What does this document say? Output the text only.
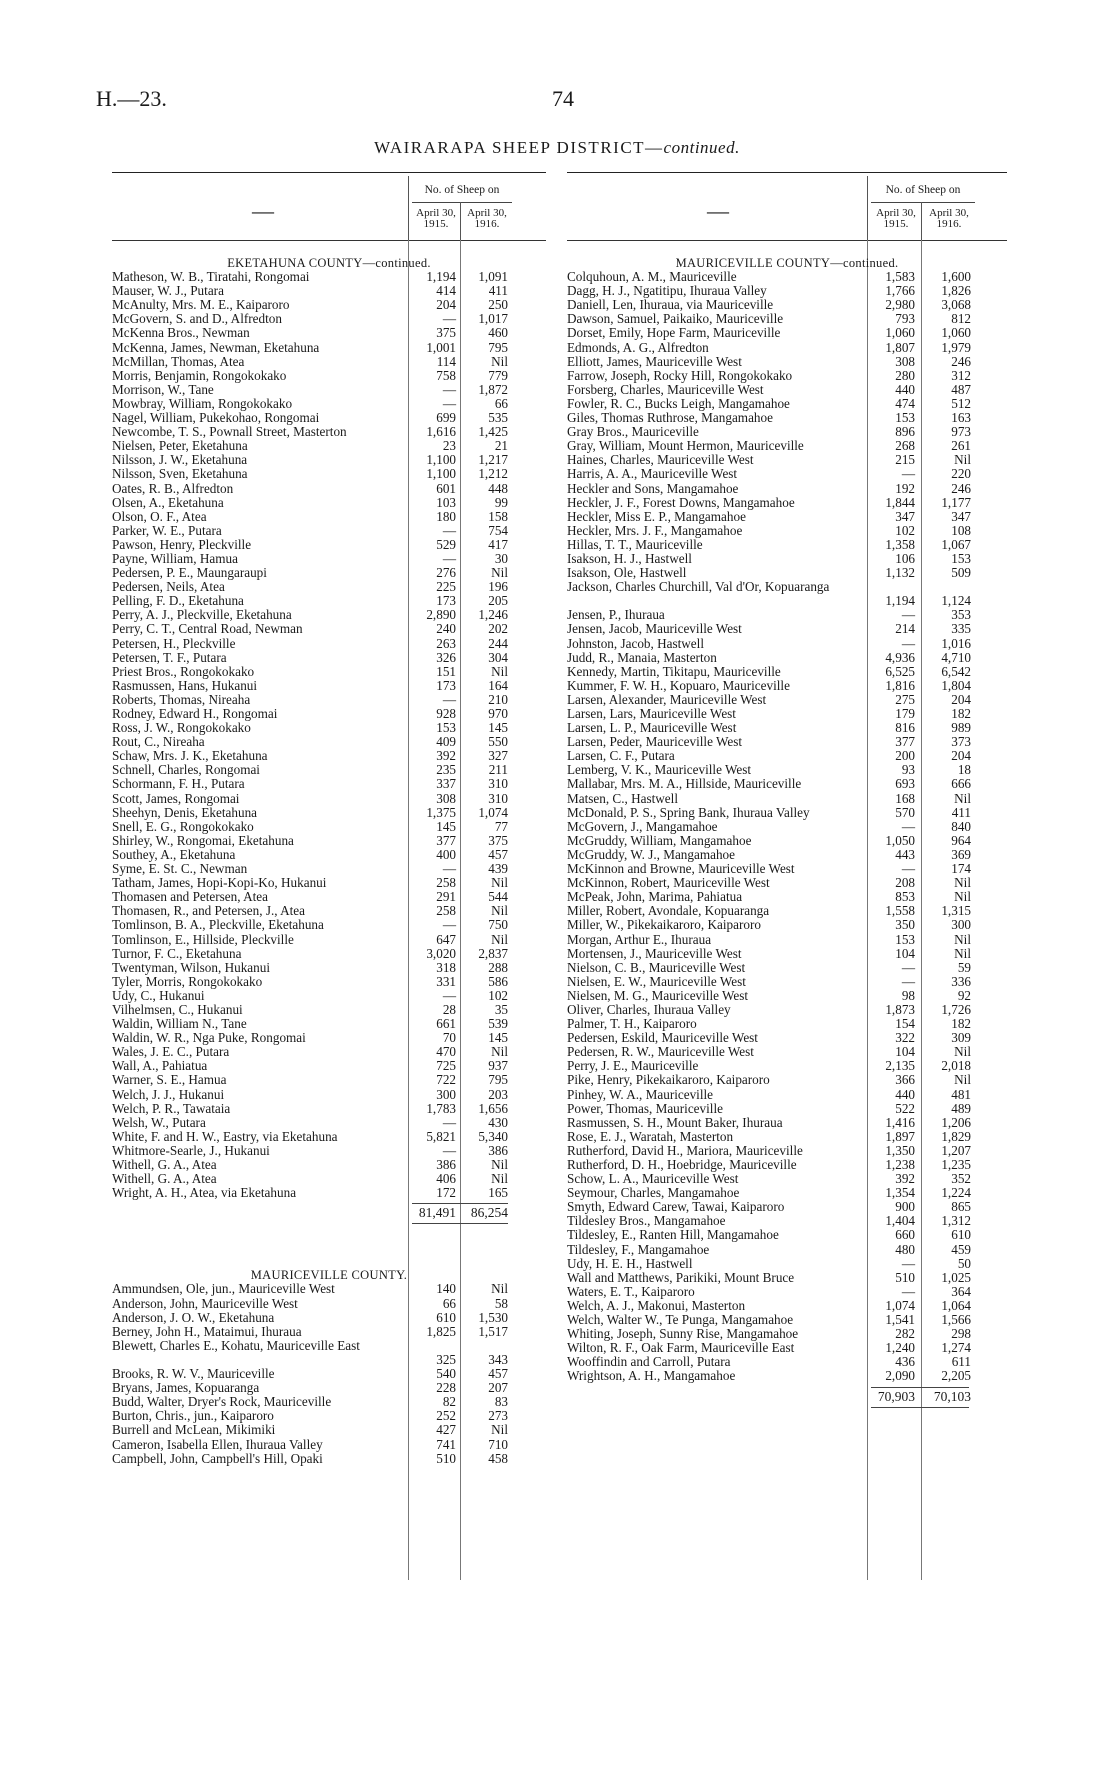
H.—23.	74
WAIRARAPA SHEEP DISTRICT—continued.
—
No. of Sheep on
April 30, 1915.
April 30, 1916.
EKETAHUNA COUNTY—continued.
Matheson, W. B., Tiratahi, Rongomai	1,194	1,091
Mauser, W. J., Putara	414	411
McAnulty, Mrs. M. E., Kaiparoro	204	250
McGovern, S. and D., Alfredton	—	1,017
McKenna Bros., Newman	375	460
McKenna, James, Newman, Eketahuna	1,001	795
McMillan, Thomas, Atea	114	Nil
Morris, Benjamin, Rongokokako	758	779
Morrison, W., Tane	—	1,872
Mowbray, William, Rongokokako	—	66
Nagel, William, Pukekohao, Rongomai	699	535
Newcombe, T. S., Pownall Street, Masterton	1,616	1,425
Nielsen, Peter, Eketahuna	23	21
Nilsson, J. W., Eketahuna	1,100	1,217
Nilsson, Sven, Eketahuna	1,100	1,212
Oates, R. B., Alfredton	601	448
Olsen, A., Eketahuna	103	99
Olson, O. F., Atea	180	158
Parker, W. E., Putara	—	754
Pawson, Henry, Pleckville	529	417
Payne, William, Hamua	—	30
Pedersen, P. E., Maungaraupi	276	Nil
Pedersen, Neils, Atea	225	196
Pelling, F. D., Eketahuna	173	205
Perry, A. J., Pleckville, Eketahuna	2,890	1,246
Perry, C. T., Central Road, Newman	240	202
Petersen, H., Pleckville	263	244
Petersen, T. F., Putara	326	304
Priest Bros., Rongokokako	151	Nil
Rasmussen, Hans, Hukanui	173	164
Roberts, Thomas, Nireaha	—	210
Rodney, Edward H., Rongomai	928	970
Ross, J. W., Rongokokako	153	145
Rout, C., Nireaha	409	550
Schaw, Mrs. J. K., Eketahuna	392	327
Schnell, Charles, Rongomai	235	211
Schormann, F. H., Putara	337	310
Scott, James, Rongomai	308	310
Sheehyn, Denis, Eketahuna	1,375	1,074
Snell, E. G., Rongokokako	145	77
Shirley, W., Rongomai, Eketahuna	377	375
Southey, A., Eketahuna	400	457
Syme, E. St. C., Newman	—	439
Tatham, James, Hopi-Kopi-Ko, Hukanui	258	Nil
Thomasen and Petersen, Atea	291	544
Thomasen, R., and Petersen, J., Atea	258	Nil
Tomlinson, B. A., Pleckville, Eketahuna	—	750
Tomlinson, E., Hillside, Pleckville	647	Nil
Turnor, F. C., Eketahuna	3,020	2,837
Twentyman, Wilson, Hukanui	318	288
Tyler, Morris, Rongokokako	331	586
Udy, C., Hukanui	—	102
Vilhelmsen, C., Hukanui	28	35
Waldin, William N., Tane	661	539
Waldin, W. R., Nga Puke, Rongomai	70	145
Wales, J. E. C., Putara	470	Nil
Wall, A., Pahiatua	725	937
Warner, S. E., Hamua	722	795
Welch, J. J., Hukanui	300	203
Welch, P. R., Tawataia	1,783	1,656
Welsh, W., Putara	—	430
White, F. and H. W., Eastry, via Eketahuna	5,821	5,340
Whitmore-Searle, J., Hukanui	—	386
Withell, G. A., Atea	386	Nil
Withell, G. A., Atea	406	Nil
Wright, A. H., Atea, via Eketahuna	172	165
81,491	86,254
MAURICEVILLE COUNTY.
Ammundsen, Ole, jun., Mauriceville West	140	Nil
Anderson, John, Mauriceville West	66	58
Anderson, J. O. W., Eketahuna	610	1,530
Berney, John H., Mataimui, Ihuraua	1,825	1,517
Blewett, Charles E., Kohatu, Mauriceville East
325	343
Brooks, R. W. V., Mauriceville	540	457
Bryans, James, Kopuaranga	228	207
Budd, Walter, Dryer's Rock, Mauriceville	82	83
Burton, Chris., jun., Kaiparoro	252	273
Burrell and McLean, Mikimiki	427	Nil
Cameron, Isabella Ellen, Ihuraua Valley	741	710
Campbell, John, Campbell's Hill, Opaki	510	458
—
No. of Sheep on
April 30, 1915.
April 30, 1916.
MAURICEVILLE COUNTY—continued.
Colquhoun, A. M., Mauriceville	1,583	1,600
Dagg, H. J., Ngatitipu, Ihuraua Valley	1,766	1,826
Daniell, Len, Ihuraua, via Mauriceville	2,980	3,068
Dawson, Samuel, Paikaiko, Mauriceville	793	812
Dorset, Emily, Hope Farm, Mauriceville	1,060	1,060
Edmonds, A. G., Alfredton	1,807	1,979
Elliott, James, Mauriceville West	308	246
Farrow, Joseph, Rocky Hill, Rongokokako	280	312
Forsberg, Charles, Mauriceville West	440	487
Fowler, R. C., Bucks Leigh, Mangamahoe	474	512
Giles, Thomas Ruthrose, Mangamahoe	153	163
Gray Bros., Mauriceville	896	973
Gray, William, Mount Hermon, Mauriceville	268	261
Haines, Charles, Mauriceville West	215	Nil
Harris, A. A., Mauriceville West	—	220
Heckler and Sons, Mangamahoe	192	246
Heckler, J. F., Forest Downs, Mangamahoe	1,844	1,177
Heckler, Miss E. P., Mangamahoe	347	347
Heckler, Mrs. J. F., Mangamahoe	102	108
Hillas, T. T., Mauriceville	1,358	1,067
Isakson, H. J., Hastwell	106	153
Isakson, Ole, Hastwell	1,132	509
Jackson, Charles Churchill, Val d'Or, Kopuaranga
1,194	1,124
Jensen, P., Ihuraua	—	353
Jensen, Jacob, Mauriceville West	214	335
Johnston, Jacob, Hastwell	—	1,016
Judd, R., Manaia, Masterton	4,936	4,710
Kennedy, Martin, Tikitapu, Mauriceville	6,525	6,542
Kummer, F. W. H., Kopuaro, Mauriceville	1,816	1,804
Larsen, Alexander, Mauriceville West	275	204
Larsen, Lars, Mauriceville West	179	182
Larsen, L. P., Mauriceville West	816	989
Larsen, Peder, Mauriceville West	377	373
Larsen, C. F., Putara	200	204
Lemberg, V. K., Mauriceville West	93	18
Mallabar, Mrs. M. A., Hillside, Mauriceville	693	666
Matsen, C., Hastwell	168	Nil
McDonald, P. S., Spring Bank, Ihuraua Valley	570	411
McGovern, J., Mangamahoe	—	840
McGruddy, William, Mangamahoe	1,050	964
McGruddy, W. J., Mangamahoe	443	369
McKinnon and Browne, Mauriceville West	—	174
McKinnon, Robert, Mauriceville West	208	Nil
McPeak, John, Marima, Pahiatua	853	Nil
Miller, Robert, Avondale, Kopuaranga	1,558	1,315
Miller, W., Pikekaikaroro, Kaiparoro	350	300
Morgan, Arthur E., Ihuraua	153	Nil
Mortensen, J., Mauriceville West	104	Nil
Nielson, C. B., Mauriceville West	—	59
Nielsen, E. W., Mauriceville West	—	336
Nielsen, M. G., Mauriceville West	98	92
Oliver, Charles, Ihuraua Valley	1,873	1,726
Palmer, T. H., Kaiparoro	154	182
Pedersen, Eskild, Mauriceville West	322	309
Pedersen, R. W., Mauriceville West	104	Nil
Perry, J. E., Mauriceville	2,135	2,018
Pike, Henry, Pikekaikaroro, Kaiparoro	366	Nil
Pinhey, W. A., Mauriceville	440	481
Power, Thomas, Mauriceville	522	489
Rasmussen, S. H., Mount Baker, Ihuraua	1,416	1,206
Rose, E. J., Waratah, Masterton	1,897	1,829
Rutherford, David H., Mariora, Mauriceville	1,350	1,207
Rutherford, D. H., Hoebridge, Mauriceville	1,238	1,235
Schow, L. A., Mauriceville West	392	352
Seymour, Charles, Mangamahoe	1,354	1,224
Smyth, Edward Carew, Tawai, Kaiparoro	900	865
Tildesley Bros., Mangamahoe	1,404	1,312
Tildesley, E., Ranten Hill, Mangamahoe	660	610
Tildesley, F., Mangamahoe	480	459
Udy, H. E. H., Hastwell	—	50
Wall and Matthews, Parikiki, Mount Bruce	510	1,025
Waters, E. T., Kaiparoro	—	364
Welch, A. J., Makonui, Masterton	1,074	1,064
Welch, Walter W., Te Punga, Mangamahoe	1,541	1,566
Whiting, Joseph, Sunny Rise, Mangamahoe	282	298
Wilton, R. F., Oak Farm, Mauriceville East	1,240	1,274
Wooffindin and Carroll, Putara	436	611
Wrightson, A. H., Mangamahoe	2,090	2,205
70,903	70,103
